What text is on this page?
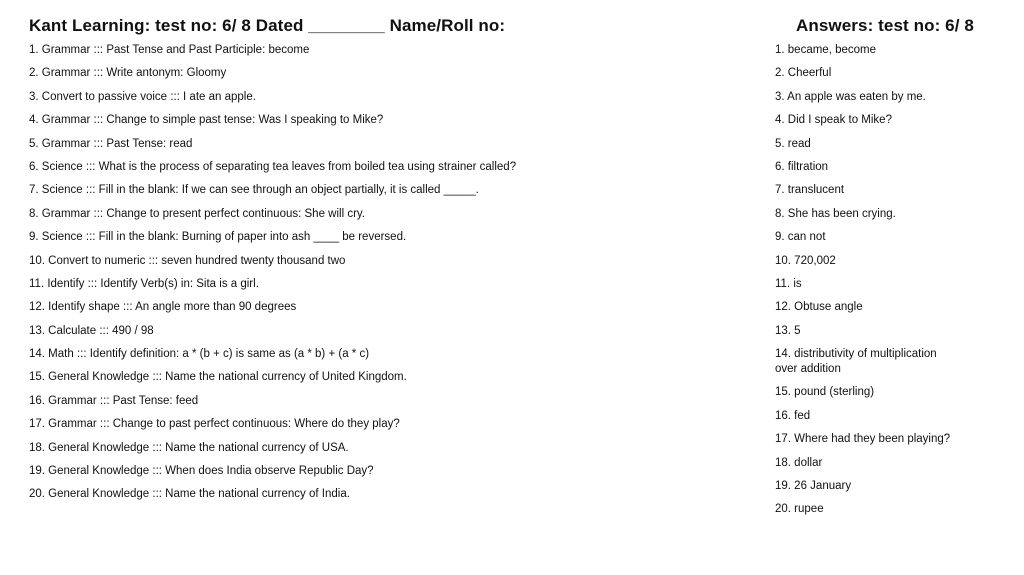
Kant Learning: test no: 6/ 8 Dated ________ Name/Roll no:	Answers: test no: 6/ 8
1. Grammar ::: Past Tense and Past Participle: become
2. Grammar ::: Write antonym: Gloomy
3. Convert to passive voice ::: I ate an apple.
4. Grammar ::: Change to simple past tense: Was I speaking to Mike?
5. Grammar ::: Past Tense: read
6. Science ::: What is the process of separating tea leaves from boiled tea using strainer called?
7. Science ::: Fill in the blank: If we can see through an object partially, it is called _____.
8. Grammar ::: Change to present perfect continuous: She will cry.
9. Science ::: Fill in the blank: Burning of paper into ash ____ be reversed.
10. Convert to numeric ::: seven hundred twenty thousand two
11. Identify ::: Identify Verb(s) in: Sita is a girl.
12. Identify shape ::: An angle more than 90 degrees
13. Calculate ::: 490 / 98
14. Math ::: Identify definition: a * (b + c) is same as (a * b) + (a * c)
15. General Knowledge ::: Name the national currency of United Kingdom.
16. Grammar ::: Past Tense: feed
17. Grammar ::: Change to past perfect continuous: Where do they play?
18. General Knowledge ::: Name the national currency of USA.
19. General Knowledge ::: When does India observe Republic Day?
20. General Knowledge ::: Name the national currency of India.
1. became, become
2. Cheerful
3. An apple was eaten by me.
4. Did I speak to Mike?
5. read
6. filtration
7. translucent
8. She has been crying.
9. can not
10. 720,002
11. is
12. Obtuse angle
13. 5
14. distributivity of multiplication over addition
15. pound (sterling)
16. fed
17. Where had they been playing?
18. dollar
19. 26 January
20. rupee
